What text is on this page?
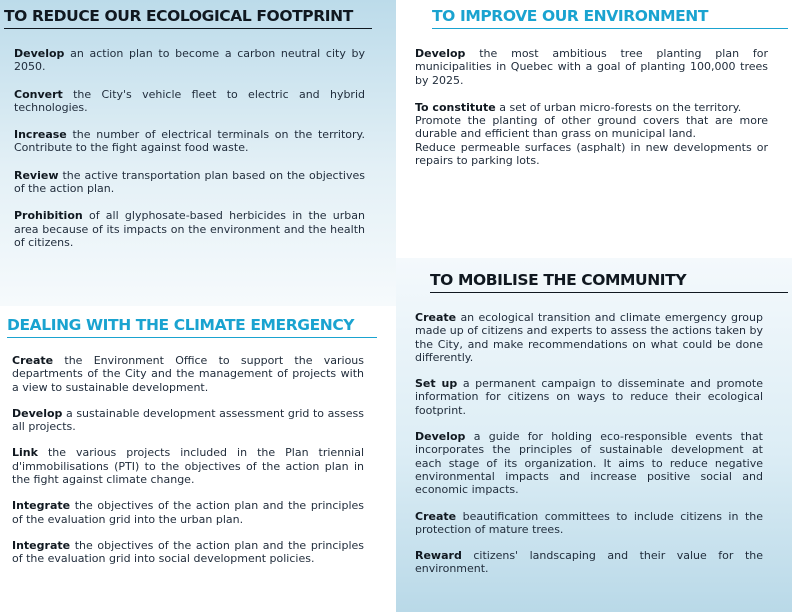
TO REDUCE OUR ECOLOGICAL FOOTPRINT

Develop an action plan to become a carbon neutral city by 2050.

Convert the City's vehicle fleet to electric and hybrid technologies.

Increase the number of electrical terminals on the territory. Contribute to the fight against food waste.

Review the active transportation plan based on the objectives of the action plan.

Prohibition of all glyphosate-based herbicides in the urban area because of its impacts on the environment and the health of citizens.

TO IMPROVE OUR ENVIRONMENT

Develop the most ambitious tree planting plan for municipalities in Quebec with a goal of planting 100,000 trees by 2025.

To constitute a set of urban micro-forests on the territory.

Promote the planting of other ground covers that are more durable and efficient than grass on municipal land.

Reduce permeable surfaces (asphalt) in new developments or repairs to parking lots.

DEALING WITH THE CLIMATE EMERGENCY

Create the Environment Office to support the various departments of the City and the management of projects with a view to sustainable development.

Develop a sustainable development assessment grid to assess all projects.

Link the various projects included in the Plan triennial d'immobilisations (PTI) to the objectives of the action plan in the fight against climate change.

Integrate the objectives of the action plan and the principles of the evaluation grid into the urban plan.

Integrate the objectives of the action plan and the principles of the evaluation grid into social development policies.

TO MOBILISE THE COMMUNITY

Create an ecological transition and climate emergency group made up of citizens and experts to assess the actions taken by the City, and make recommendations on what could be done differently.

Set up a permanent campaign to disseminate and promote information for citizens on ways to reduce their ecological footprint.

Develop a guide for holding eco-responsible events that incorporates the principles of sustainable development at each stage of its organization. It aims to reduce negative environmental impacts and increase positive social and economic impacts.

Create beautification committees to include citizens in the protection of mature trees.

Reward citizens' landscaping and their value for the environment.
